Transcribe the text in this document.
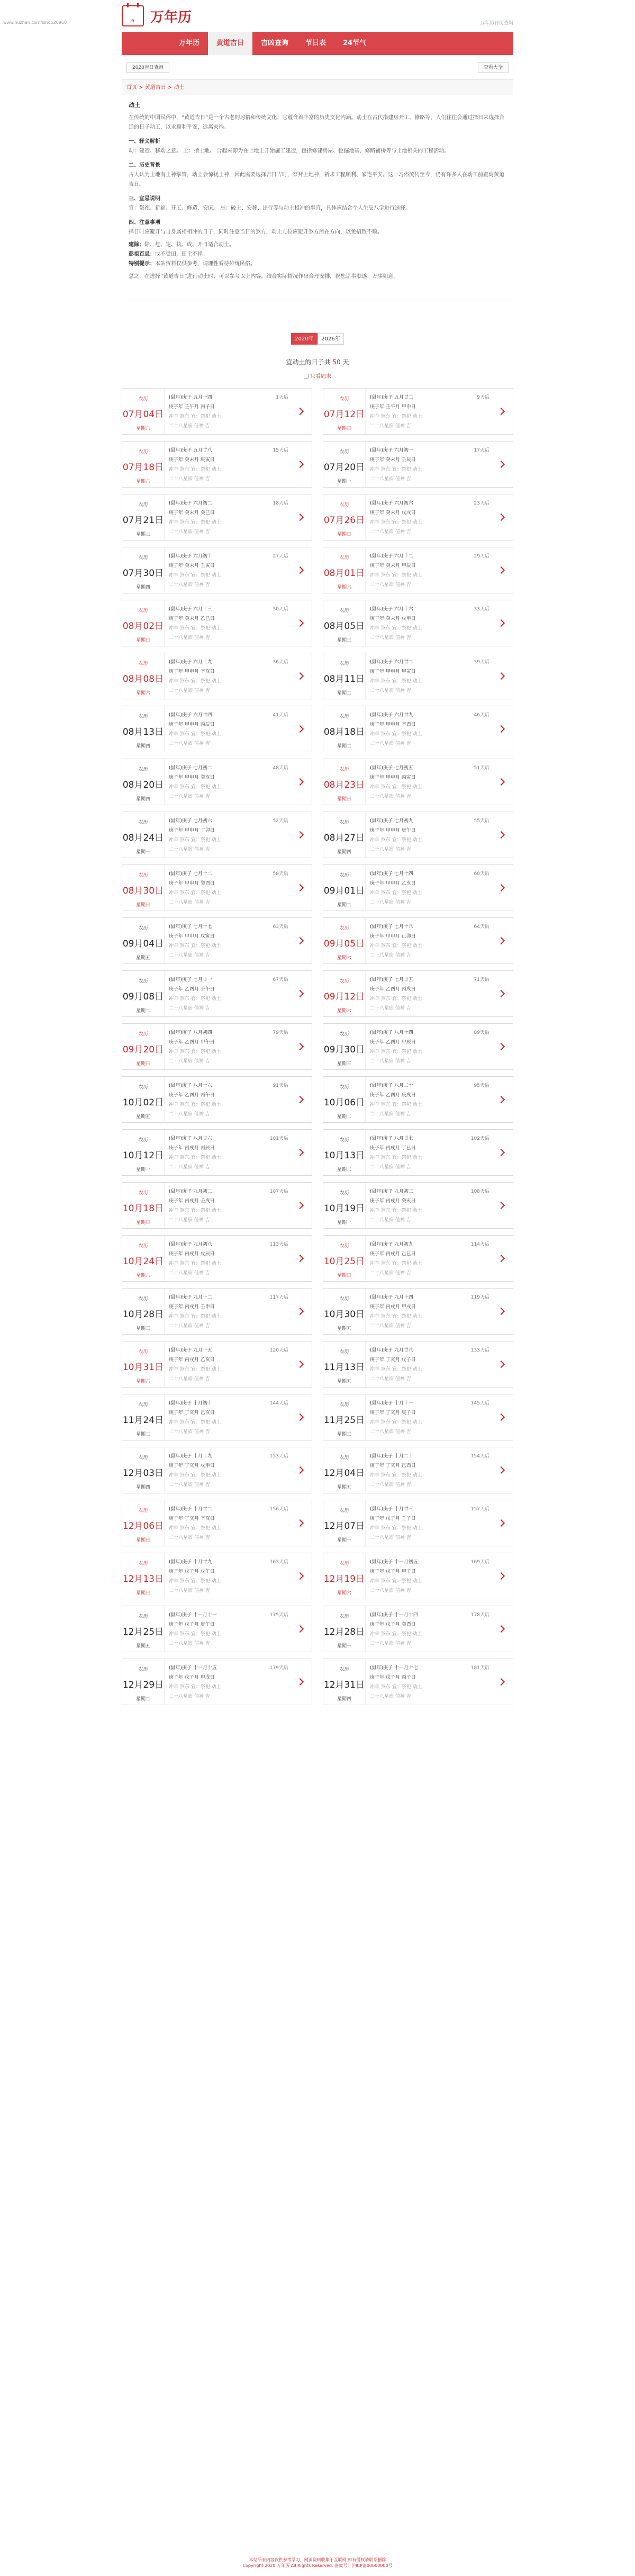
www.huzhan.com/ishop20960	6	万年历	万年历日历查询
万年历	黄道吉日	吉凶查询	节日表	24节气
2020吉日查询	查看大全
首页 > 黄道吉日 > 动土
动土
在传统的中国民俗中，“黄道吉日”是一个古老的习俗和传统文化，它蕴含着丰富的历史文化内涵。动土在古代指建房开工、修路等，人们往往会通过择日来选择合适的日子动工，以求顺利平安，远离灾祸。
一、释义解析
动：建造、移动之意。 土：指土地。 合起来即为在土地上开始施工建造，包括修建房屋、挖掘地基、修路铺桥等与土地相关的工程活动。
二、历史背景
古人认为土地有土神掌管，动土会惊扰土神，因此需要选择吉日吉时，祭拜土地神，祈求工程顺利、家宅平安。这一习俗流传至今，仍有许多人在动工前查询黄道吉日。
三、宜忌说明
宜：祭祀、祈福、开工、修造、安床。 忌：破土、安葬、出行等与动土相冲的事宜，具体应结合个人生辰八字进行选择。
四、注意事项
择日时应避开与自身属相相冲的日子，同时注意当日的煞方，动土方位应避开煞方所在方向，以免招致不顺。
建除：除、危、定、执、成、开日适合动土。
彭祖百忌：戊不受田，田主不祥。
特别提示：本站资料仅供参考，请理性看待传统民俗。
总之，在选择“黄道吉日”进行动土时，可以参考以上内容，结合实际情况作出合理安排，祝您诸事顺遂、万事如意。
2020年	2026年
宜动土的日子共 50 天
只看周末
农历
07月04日
星期六
(鼠年)庚子 五月十四	1天后
庚子年 壬午月 丙子日
冲羊 煞东 宜：祭祀 动土
二十八星宿 值神 吉
农历
07月12日
星期日
(鼠年)庚子 五月廿二	9天后
庚子年 壬午月 甲申日
冲羊 煞东 宜：祭祀 动土
二十八星宿 值神 吉
农历
07月18日
星期六
(鼠年)庚子 五月廿八	15天后
庚子年 癸未月 庚寅日
冲羊 煞东 宜：祭祀 动土
二十八星宿 值神 吉
农历
07月20日
星期一
(鼠年)庚子 六月初一	17天后
庚子年 癸未月 壬辰日
冲羊 煞东 宜：祭祀 动土
二十八星宿 值神 吉
农历
07月21日
星期二
(鼠年)庚子 六月初二	18天后
庚子年 癸未月 癸巳日
冲羊 煞东 宜：祭祀 动土
二十八星宿 值神 吉
农历
07月26日
星期日
(鼠年)庚子 六月初六	23天后
庚子年 癸未月 戊戌日
冲羊 煞东 宜：祭祀 动土
二十八星宿 值神 吉
农历
07月30日
星期四
(鼠年)庚子 六月初十	27天后
庚子年 癸未月 壬寅日
冲羊 煞东 宜：祭祀 动土
二十八星宿 值神 吉
农历
08月01日
星期六
(鼠年)庚子 六月十二	29天后
庚子年 癸未月 甲辰日
冲羊 煞东 宜：祭祀 动土
二十八星宿 值神 吉
农历
08月02日
星期日
(鼠年)庚子 六月十三	30天后
庚子年 癸未月 乙巳日
冲羊 煞东 宜：祭祀 动土
二十八星宿 值神 吉
农历
08月05日
星期三
(鼠年)庚子 六月十六	33天后
庚子年 癸未月 戊申日
冲羊 煞东 宜：祭祀 动土
二十八星宿 值神 吉
农历
08月08日
星期六
(鼠年)庚子 六月十九	36天后
庚子年 甲申月 辛亥日
冲羊 煞东 宜：祭祀 动土
二十八星宿 值神 吉
农历
08月11日
星期二
(鼠年)庚子 六月廿二	39天后
庚子年 甲申月 甲寅日
冲羊 煞东 宜：祭祀 动土
二十八星宿 值神 吉
农历
08月13日
星期四
(鼠年)庚子 六月廿四	41天后
庚子年 甲申月 丙辰日
冲羊 煞东 宜：祭祀 动土
二十八星宿 值神 吉
农历
08月18日
星期二
(鼠年)庚子 六月廿九	46天后
庚子年 甲申月 辛酉日
冲羊 煞东 宜：祭祀 动土
二十八星宿 值神 吉
农历
08月20日
星期四
(鼠年)庚子 七月初二	48天后
庚子年 甲申月 癸亥日
冲羊 煞东 宜：祭祀 动土
二十八星宿 值神 吉
农历
08月23日
星期日
(鼠年)庚子 七月初五	51天后
庚子年 甲申月 丙寅日
冲羊 煞东 宜：祭祀 动土
二十八星宿 值神 吉
农历
08月24日
星期一
(鼠年)庚子 七月初六	52天后
庚子年 甲申月 丁卯日
冲羊 煞东 宜：祭祀 动土
二十八星宿 值神 吉
农历
08月27日
星期四
(鼠年)庚子 七月初九	55天后
庚子年 甲申月 庚午日
冲羊 煞东 宜：祭祀 动土
二十八星宿 值神 吉
农历
08月30日
星期日
(鼠年)庚子 七月十二	58天后
庚子年 甲申月 癸酉日
冲羊 煞东 宜：祭祀 动土
二十八星宿 值神 吉
农历
09月01日
星期二
(鼠年)庚子 七月十四	60天后
庚子年 甲申月 乙亥日
冲羊 煞东 宜：祭祀 动土
二十八星宿 值神 吉
农历
09月04日
星期五
(鼠年)庚子 七月十七	63天后
庚子年 甲申月 戊寅日
冲羊 煞东 宜：祭祀 动土
二十八星宿 值神 吉
农历
09月05日
星期六
(鼠年)庚子 七月十八	64天后
庚子年 甲申月 己卯日
冲羊 煞东 宜：祭祀 动土
二十八星宿 值神 吉
农历
09月08日
星期二
(鼠年)庚子 七月廿一	67天后
庚子年 乙酉月 壬午日
冲羊 煞东 宜：祭祀 动土
二十八星宿 值神 吉
农历
09月12日
星期六
(鼠年)庚子 七月廿五	71天后
庚子年 乙酉月 丙戌日
冲羊 煞东 宜：祭祀 动土
二十八星宿 值神 吉
农历
09月20日
星期日
(鼠年)庚子 八月初四	79天后
庚子年 乙酉月 甲午日
冲羊 煞东 宜：祭祀 动土
二十八星宿 值神 吉
农历
09月30日
星期三
(鼠年)庚子 八月十四	89天后
庚子年 乙酉月 甲辰日
冲羊 煞东 宜：祭祀 动土
二十八星宿 值神 吉
农历
10月02日
星期五
(鼠年)庚子 八月十六	91天后
庚子年 乙酉月 丙午日
冲羊 煞东 宜：祭祀 动土
二十八星宿 值神 吉
农历
10月06日
星期二
(鼠年)庚子 八月二十	95天后
庚子年 乙酉月 庚戌日
冲羊 煞东 宜：祭祀 动土
二十八星宿 值神 吉
农历
10月12日
星期一
(鼠年)庚子 八月廿六	101天后
庚子年 丙戌月 丙辰日
冲羊 煞东 宜：祭祀 动土
二十八星宿 值神 吉
农历
10月13日
星期二
(鼠年)庚子 八月廿七	102天后
庚子年 丙戌月 丁巳日
冲羊 煞东 宜：祭祀 动土
二十八星宿 值神 吉
农历
10月18日
星期日
(鼠年)庚子 九月初二	107天后
庚子年 丙戌月 壬戌日
冲羊 煞东 宜：祭祀 动土
二十八星宿 值神 吉
农历
10月19日
星期一
(鼠年)庚子 九月初三	108天后
庚子年 丙戌月 癸亥日
冲羊 煞东 宜：祭祀 动土
二十八星宿 值神 吉
农历
10月24日
星期六
(鼠年)庚子 九月初八	113天后
庚子年 丙戌月 戊辰日
冲羊 煞东 宜：祭祀 动土
二十八星宿 值神 吉
农历
10月25日
星期日
(鼠年)庚子 九月初九	114天后
庚子年 丙戌月 己巳日
冲羊 煞东 宜：祭祀 动土
二十八星宿 值神 吉
农历
10月28日
星期三
(鼠年)庚子 九月十二	117天后
庚子年 丙戌月 壬申日
冲羊 煞东 宜：祭祀 动土
二十八星宿 值神 吉
农历
10月30日
星期五
(鼠年)庚子 九月十四	119天后
庚子年 丙戌月 甲戌日
冲羊 煞东 宜：祭祀 动土
二十八星宿 值神 吉
农历
10月31日
星期六
(鼠年)庚子 九月十五	120天后
庚子年 丙戌月 乙亥日
冲羊 煞东 宜：祭祀 动土
二十八星宿 值神 吉
农历
11月13日
星期五
(鼠年)庚子 九月廿八	133天后
庚子年 丁亥月 戊子日
冲羊 煞东 宜：祭祀 动土
二十八星宿 值神 吉
农历
11月24日
星期二
(鼠年)庚子 十月初十	144天后
庚子年 丁亥月 己亥日
冲羊 煞东 宜：祭祀 动土
二十八星宿 值神 吉
农历
11月25日
星期三
(鼠年)庚子 十月十一	145天后
庚子年 丁亥月 庚子日
冲羊 煞东 宜：祭祀 动土
二十八星宿 值神 吉
农历
12月03日
星期四
(鼠年)庚子 十月十九	153天后
庚子年 丁亥月 戊申日
冲羊 煞东 宜：祭祀 动土
二十八星宿 值神 吉
农历
12月04日
星期五
(鼠年)庚子 十月二十	154天后
庚子年 丁亥月 己酉日
冲羊 煞东 宜：祭祀 动土
二十八星宿 值神 吉
农历
12月06日
星期日
(鼠年)庚子 十月廿二	156天后
庚子年 丁亥月 辛亥日
冲羊 煞东 宜：祭祀 动土
二十八星宿 值神 吉
农历
12月07日
星期一
(鼠年)庚子 十月廿三	157天后
庚子年 戊子月 壬子日
冲羊 煞东 宜：祭祀 动土
二十八星宿 值神 吉
农历
12月13日
星期日
(鼠年)庚子 十月廿九	163天后
庚子年 戊子月 戊午日
冲羊 煞东 宜：祭祀 动土
二十八星宿 值神 吉
农历
12月19日
星期六
(鼠年)庚子 十一月初五	169天后
庚子年 戊子月 甲子日
冲羊 煞东 宜：祭祀 动土
二十八星宿 值神 吉
农历
12月25日
星期五
(鼠年)庚子 十一月十一	175天后
庚子年 戊子月 庚午日
冲羊 煞东 宜：祭祀 动土
二十八星宿 值神 吉
农历
12月28日
星期一
(鼠年)庚子 十一月十四	178天后
庚子年 戊子月 癸酉日
冲羊 煞东 宜：祭祀 动土
二十八星宿 值神 吉
农历
12月29日
星期二
(鼠年)庚子 十一月十五	179天后
庚子年 戊子月 甲戌日
冲羊 煞东 宜：祭祀 动土
二十八星宿 值神 吉
农历
12月31日
星期四
(鼠年)庚子 十一月十七	181天后
庚子年 戊子月 丙子日
冲羊 煞东 宜：祭祀 动土
二十八星宿 值神 吉
本站所有内容仅供参考学习，网页资料收集于互联网 如有侵权请联系删除
Copyright 2020 万年历 All Rights Reserved. 备案号：沪ICP备00000000号
